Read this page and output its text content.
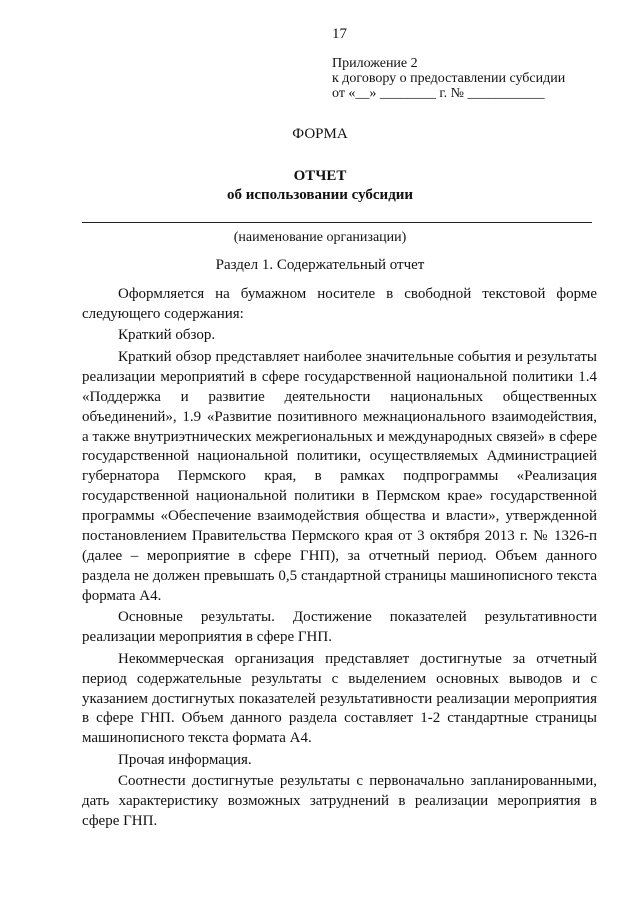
17
Приложение 2
к договору о предоставлении субсидии
от «__» ________ г. № ___________
ФОРМА
ОТЧЕТ
об использовании субсидии
(наименование организации)
Раздел 1. Содержательный отчет

Оформляется на бумажном носителе в свободной текстовой форме следующего содержания:

Краткий обзор.

Краткий обзор представляет наиболее значительные события и результаты реализации мероприятий в сфере государственной национальной политики 1.4 «Поддержка и развитие деятельности национальных общественных объединений», 1.9 «Развитие позитивного межнационального взаимодействия, а также внутриэтнических межрегиональных и международных связей» в сфере государственной национальной политики, осуществляемых Администрацией губернатора Пермского края, в рамках подпрограммы «Реализация государственной национальной политики в Пермском крае» государственной программы «Обеспечение взаимодействия общества и власти», утвержденной постановлением Правительства Пермского края от 3 октября 2013 г. № 1326-п (далее – мероприятие в сфере ГНП), за отчетный период. Объем данного раздела не должен превышать 0,5 стандартной страницы машинописного текста формата А4.

Основные результаты. Достижение показателей результативности реализации мероприятия в сфере ГНП.

Некоммерческая организация представляет достигнутые за отчетный период содержательные результаты с выделением основных выводов и с указанием достигнутых показателей результативности реализации мероприятия в сфере ГНП. Объем данного раздела составляет 1-2 стандартные страницы машинописного текста формата А4.

Прочая информация.

Соотнести достигнутые результаты с первоначально запланированными, дать характеристику возможных затруднений в реализации мероприятия в сфере ГНП.
